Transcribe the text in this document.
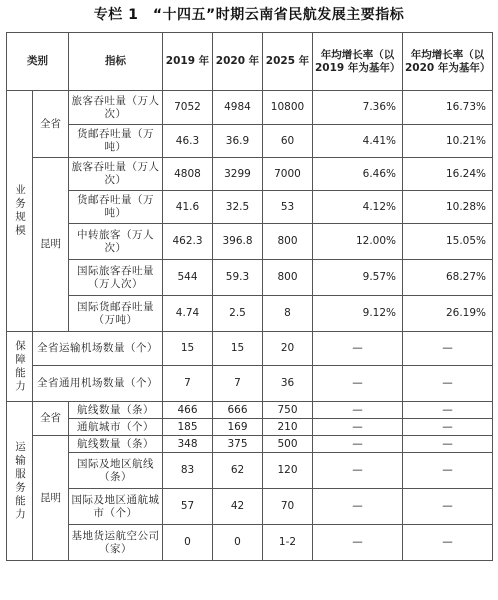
专栏 1　“十四五”时期云南省民航发展主要指标
类别		指标	2019 年	2020 年	2025 年	年均增长率（以 2019 年为基年）	年均增长率（以 2020 年为基年）

业务规模	全省	旅客吞吐量（万人次）	7052	4984	10800	7.36%	16.73%
		货邮吞吐量（万吨）	46.3	36.9	60	4.41%	10.21%
	昆明	旅客吞吐量（万人次）	4808	3299	7000	6.46%	16.24%
		货邮吞吐量（万吨）	41.6	32.5	53	4.12%	10.28%
		中转旅客（万人次）	462.3	396.8	800	12.00%	15.05%
		国际旅客吞吐量（万人次）	544	59.3	800	9.57%	68.27%
		国际货邮吞吐量（万吨）	4.74	2.5	8	9.12%	26.19%

保障能力	全省运输机场数量（个）		15	15	20	—	—
	全省通用机场数量（个）		7	7	36	—	—

运输服务能力	全省	航线数量（条）	466	666	750	—	—
		通航城市（个）	185	169	210	—	—
	昆明	航线数量（条）	348	375	500	—	—
		国际及地区航线（条）	83	62	120	—	—
		国际及地区通航城市（个）	57	42	70	—	—
		基地货运航空公司（家）	0	0	1-2	—	—
